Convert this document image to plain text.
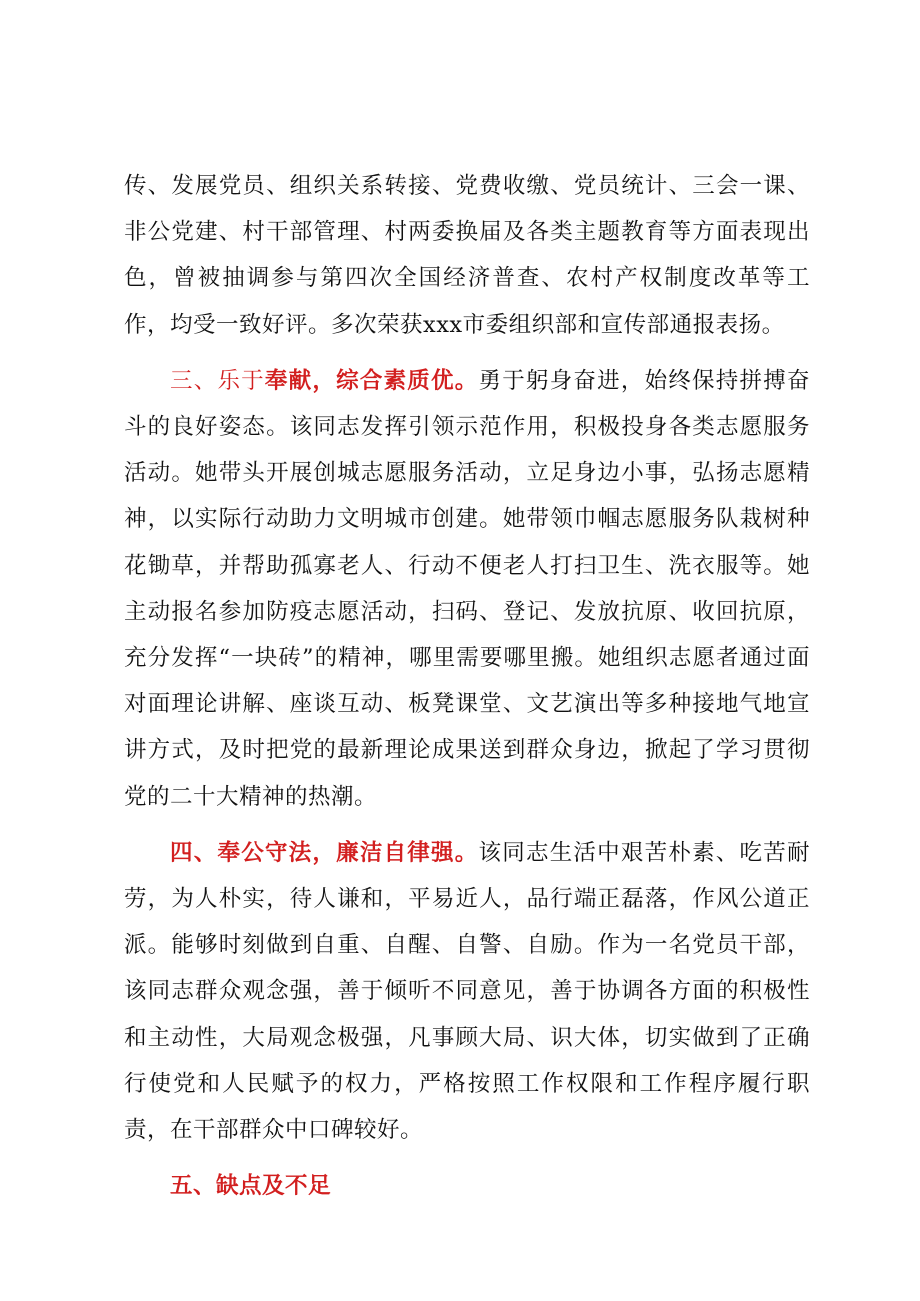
传、发展党员、组织关系转接、党费收缴、党员统计、三会一课、非公党建、村干部管理、村两委换届及各类主题教育等方面表现出色，曾被抽调参与第四次全国经济普查、农村产权制度改革等工作，均受一致好评。多次荣获xxx市委组织部和宣传部通报表扬。

三、乐于奉献，综合素质优。勇于躬身奋进，始终保持拼搏奋斗的良好姿态。该同志发挥引领示范作用，积极投身各类志愿服务活动。她带头开展创城志愿服务活动，立足身边小事，弘扬志愿精神，以实际行动助力文明城市创建。她带领巾帼志愿服务队栽树种花锄草，并帮助孤寡老人、行动不便老人打扫卫生、洗衣服等。她主动报名参加防疫志愿活动，扫码、登记、发放抗原、收回抗原，充分发挥“一块砖”的精神，哪里需要哪里搬。她组织志愿者通过面对面理论讲解、座谈互动、板凳课堂、文艺演出等多种接地气地宣讲方式，及时把党的最新理论成果送到群众身边，掀起了学习贯彻党的二十大精神的热潮。

四、奉公守法，廉洁自律强。该同志生活中艰苦朴素、吃苦耐劳，为人朴实，待人谦和，平易近人，品行端正磊落，作风公道正派。能够时刻做到自重、自醒、自警、自励。作为一名党员干部，该同志群众观念强，善于倾听不同意见，善于协调各方面的积极性和主动性，大局观念极强，凡事顾大局、识大体，切实做到了正确行使党和人民赋予的权力，严格按照工作权限和工作程序履行职责，在干部群众中口碑较好。

五、缺点及不足
